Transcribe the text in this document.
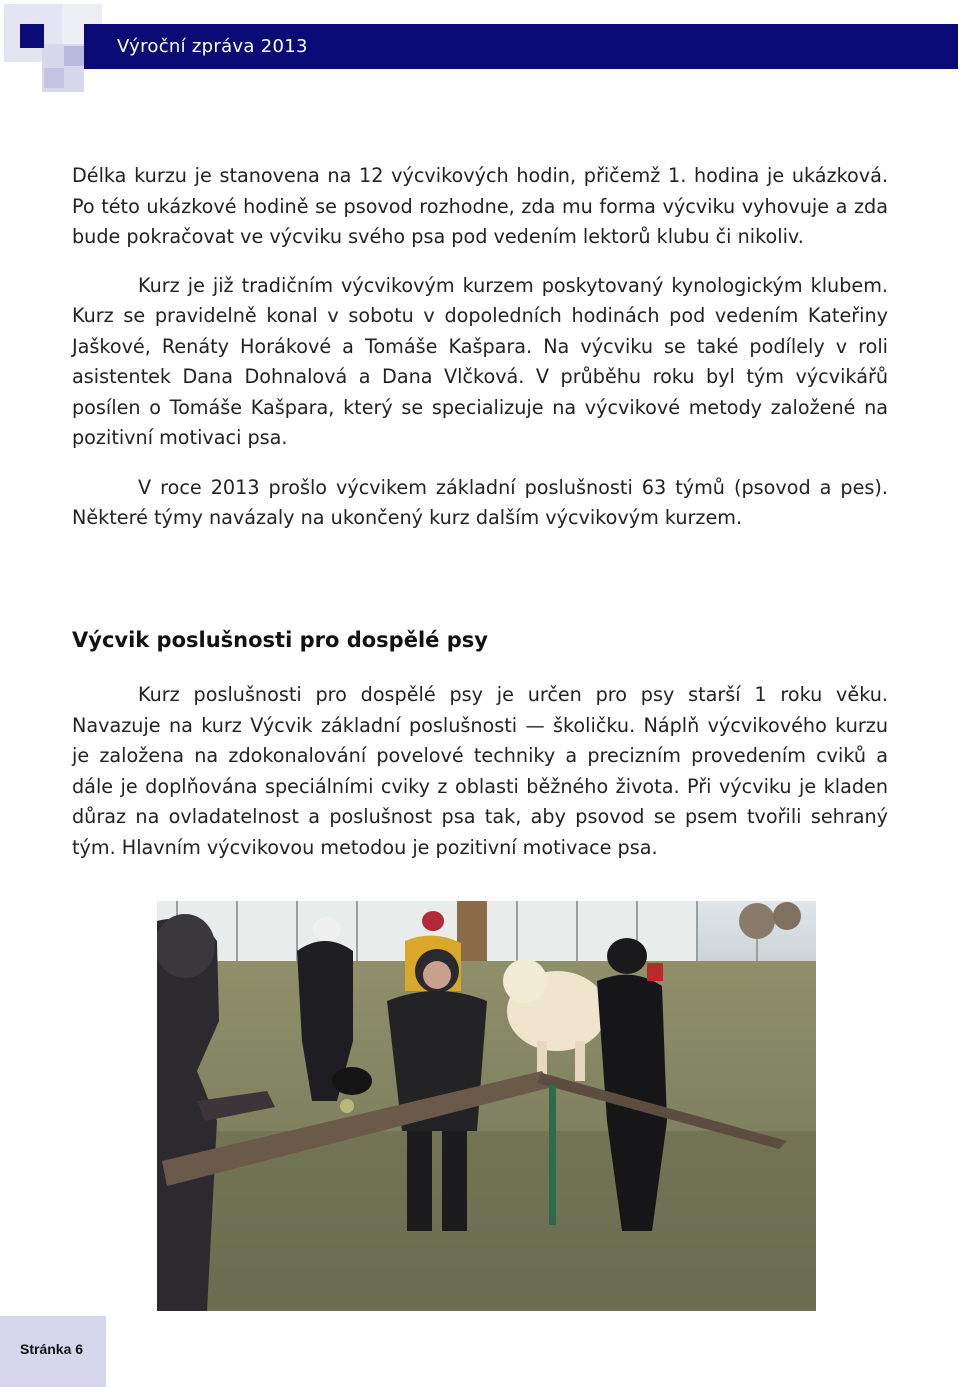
Výroční zpráva 2013

Délka kurzu je stanovena na 12 výcvikových hodin, přičemž 1. hodina je ukázková. Po této ukázkové hodině se psovod rozhodne, zda mu forma výcviku vyhovuje a zda bude pokračovat ve výcviku svého psa pod vedením lektorů klubu či nikoliv.

Kurz je již tradičním výcvikovým kurzem poskytovaný kynologickým klubem. Kurz se pravidelně konal v sobotu v dopoledních hodinách pod vedením Kateřiny Jaškové, Renáty Horákové a Tomáše Kašpara. Na výcviku se také podílely v roli asistentek Dana Dohnalová a Dana Vlčková. V průběhu roku byl tým výcvikářů posílen o Tomáše Kašpara, který se specializuje na výcvikové metody založené na pozitivní motivaci psa.

V roce 2013 prošlo výcvikem základní poslušnosti 63 týmů (psovod a pes). Některé týmy navázaly na ukončený kurz dalším výcvikovým kurzem.

Výcvik poslušnosti pro dospělé psy

Kurz poslušnosti pro dospělé psy je určen pro psy starší 1 roku věku. Navazuje na kurz Výcvik základní poslušnosti — školičku. Náplň výcvikového kurzu je založena na zdokonalování povelové techniky a precizním provedením cviků a dále je doplňována speciálními cviky z oblasti běžného života. Při výcviku je kladen důraz na ovladatelnost a poslušnost psa tak, aby psovod se psem tvořili sehraný tým. Hlavním výcvikovou metodou je pozitivní motivace psa.

Stránka 6
